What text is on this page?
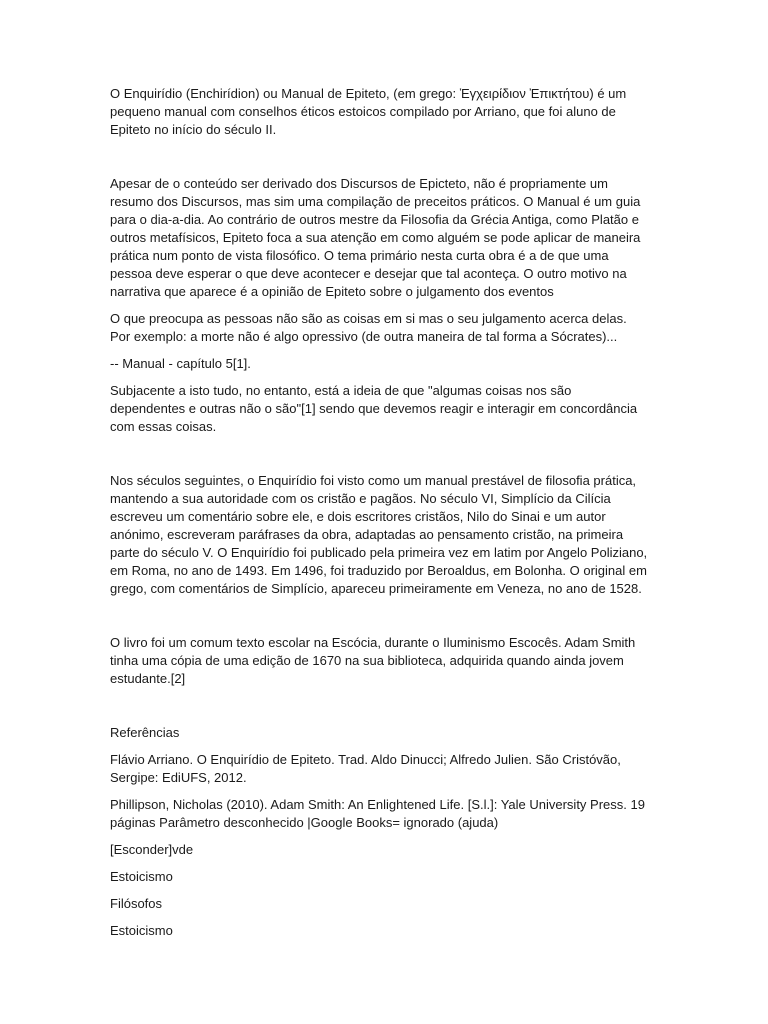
O Enquirídio (Enchirídion) ou Manual de Epiteto, (em grego: Ἐγχειρίδιον Ἐπικτήτου) é um pequeno manual com conselhos éticos estoicos compilado por Arriano, que foi aluno de Epiteto no início do século II.

Apesar de o conteúdo ser derivado dos Discursos de Epicteto, não é propriamente um resumo dos Discursos, mas sim uma compilação de preceitos práticos. O Manual é um guia para o dia-a-dia. Ao contrário de outros mestre da Filosofia da Grécia Antiga, como Platão e outros metafísicos, Epiteto foca a sua atenção em como alguém se pode aplicar de maneira prática num ponto de vista filosófico. O tema primário nesta curta obra é a de que uma pessoa deve esperar o que deve acontecer e desejar que tal aconteça. O outro motivo na narrativa que aparece é a opinião de Epiteto sobre o julgamento dos eventos

O que preocupa as pessoas não são as coisas em si mas o seu julgamento acerca delas. Por exemplo: a morte não é algo opressivo (de outra maneira de tal forma a Sócrates)...

-- Manual - capítulo 5[1].

Subjacente a isto tudo, no entanto, está a ideia de que "algumas coisas nos são dependentes e outras não o são"[1] sendo que devemos reagir e interagir em concordância com essas coisas.

Nos séculos seguintes, o Enquirídio foi visto como um manual prestável de filosofia prática, mantendo a sua autoridade com os cristão e pagãos. No século VI, Simplício da Cilícia escreveu um comentário sobre ele, e dois escritores cristãos, Nilo do Sinai e um autor anónimo, escreveram paráfrases da obra, adaptadas ao pensamento cristão, na primeira parte do século V. O Enquirídio foi publicado pela primeira vez em latim por Angelo Poliziano, em Roma, no ano de 1493. Em 1496, foi traduzido por Beroaldus, em Bolonha. O original em grego, com comentários de Simplício, apareceu primeiramente em Veneza, no ano de 1528.

O livro foi um comum texto escolar na Escócia, durante o Iluminismo Escocês. Adam Smith tinha uma cópia de uma edição de 1670 na sua biblioteca, adquirida quando ainda jovem estudante.[2]

Referências

Flávio Arriano. O Enquirídio de Epiteto. Trad. Aldo Dinucci; Alfredo Julien. São Cristóvão, Sergipe: EdiUFS, 2012.

Phillipson, Nicholas (2010). Adam Smith: An Enlightened Life. [S.l.]: Yale University Press. 19 páginas Parâmetro desconhecido |Google Books= ignorado (ajuda)

[Esconder]vde

Estoicismo

Filósofos

Estoicismo
